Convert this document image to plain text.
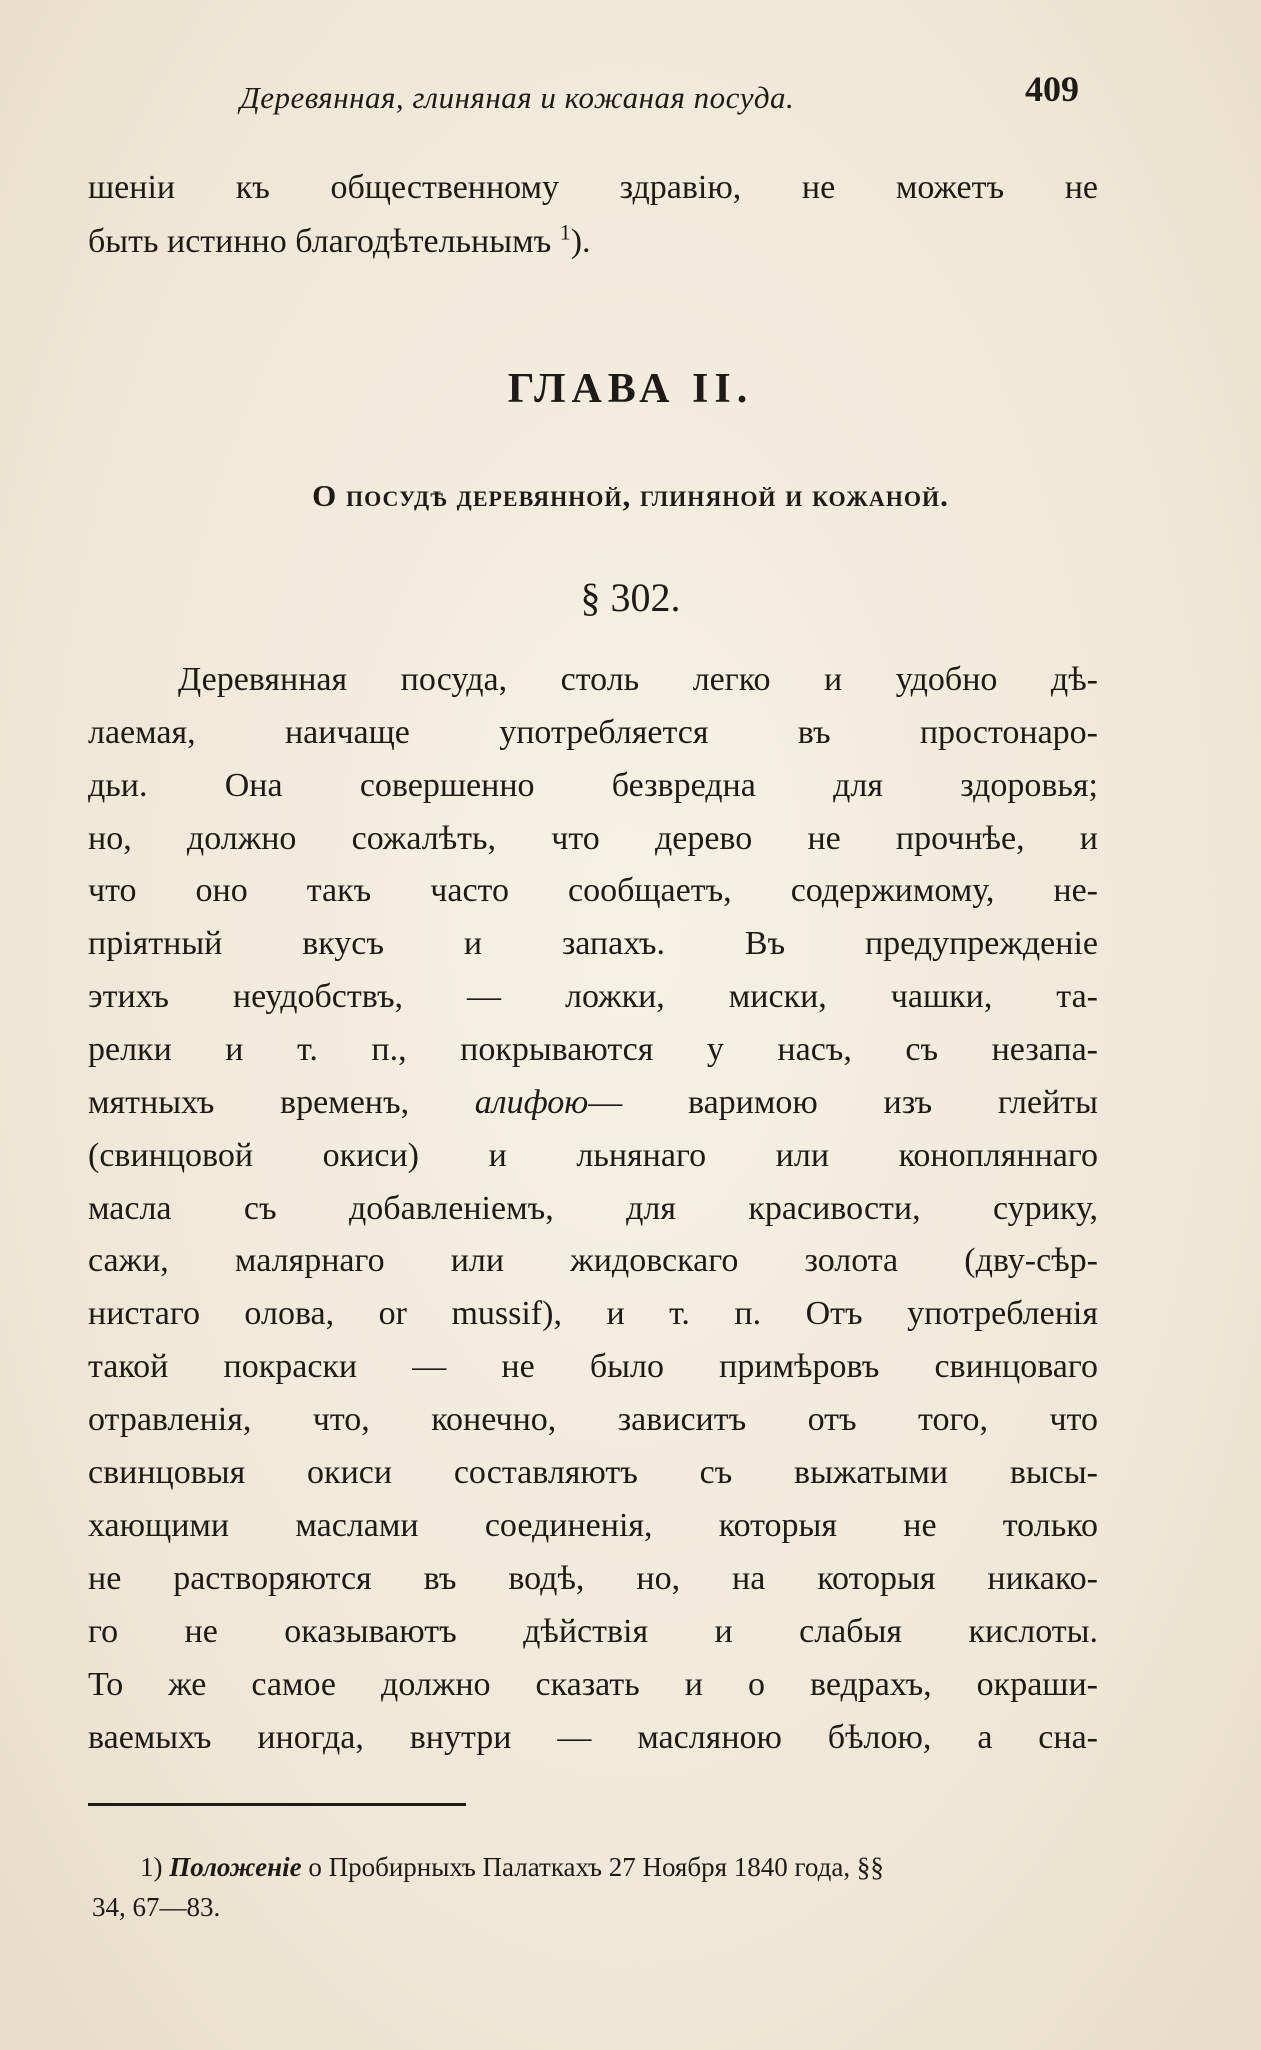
Деревянная, глиняная и кожаная посуда.	409
шеніи къ общественному здравію, не можетъ не
быть истинно благодѣтельнымъ $^1$).
ГЛАВА II.
О посудѣ деревянной, глиняной и кожаной.
§ 302.
Деревянная посуда, столь легко и удобно дѣ-
лаемая, наичаще употребляется въ простонаро-
дьи. Она совершенно безвредна для здоровья;
но, должно сожалѣть, что дерево не прочнѣе, и
что оно такъ часто сообщаетъ, содержимому, не-
пріятный вкусъ и запахъ. Въ предупрежденіе
этихъ неудобствъ, — ложки, миски, чашки, та-
релки и т. п., покрываются у насъ, съ незапа-
мятныхъ временъ, алифою— варимою изъ глейты
(свинцовой окиси) и льнянаго или конопляннаго
масла съ добавленіемъ, для красивости, сурику,
сажи, малярнаго или жидовскаго золота (дву-сѣр-
нистаго олова, or mussif), и т. п. Отъ употребленія
такой покраски — не было примѣровъ свинцоваго
отравленія, что, конечно, зависитъ отъ того, что
свинцовыя окиси составляютъ съ выжатыми высы-
хающими маслами соединенія, которыя не только
не растворяются въ водѣ, но, на которыя никако-
го не оказываютъ дѣйствія и слабыя кислоты.
То же самое должно сказать и о ведрахъ, окраши-
ваемыхъ иногда, внутри — масляною бѣлою, а сна-
1) Положеніе о Пробирныхъ Палаткахъ 27 Ноября 1840 года, §§
34, 67—83.
